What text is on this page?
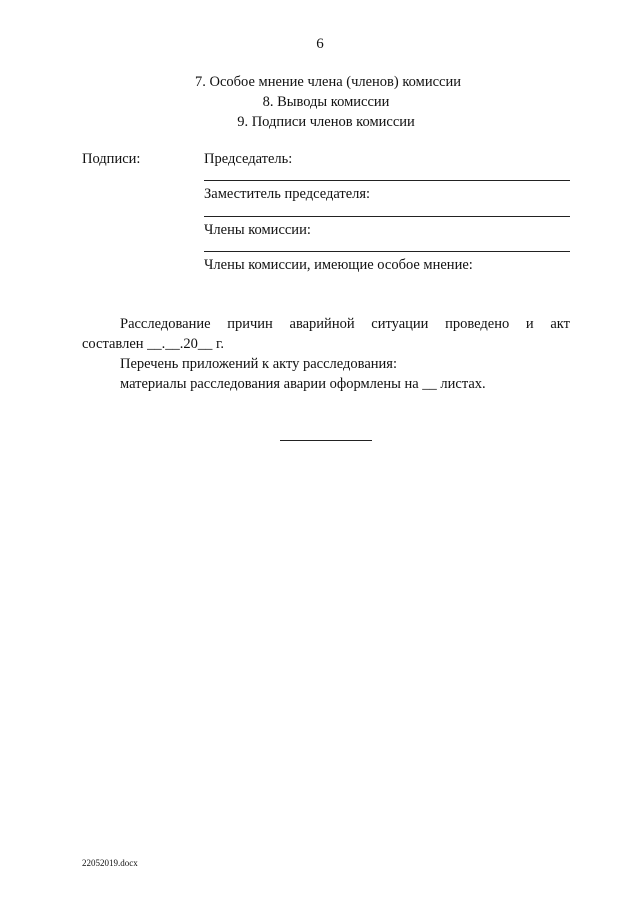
6
7. Особое мнение члена (членов) комиссии
8. Выводы комиссии
9. Подписи членов комиссии
Подписи:	Председатель:
Заместитель председателя:
Члены комиссии:
Члены комиссии, имеющие особое мнение:
Расследование причин аварийной ситуации проведено и акт
составлен __.__.20__ г.
Перечень приложений к акту расследования:
материалы расследования аварии оформлены на __ листах.
22052019.docx
